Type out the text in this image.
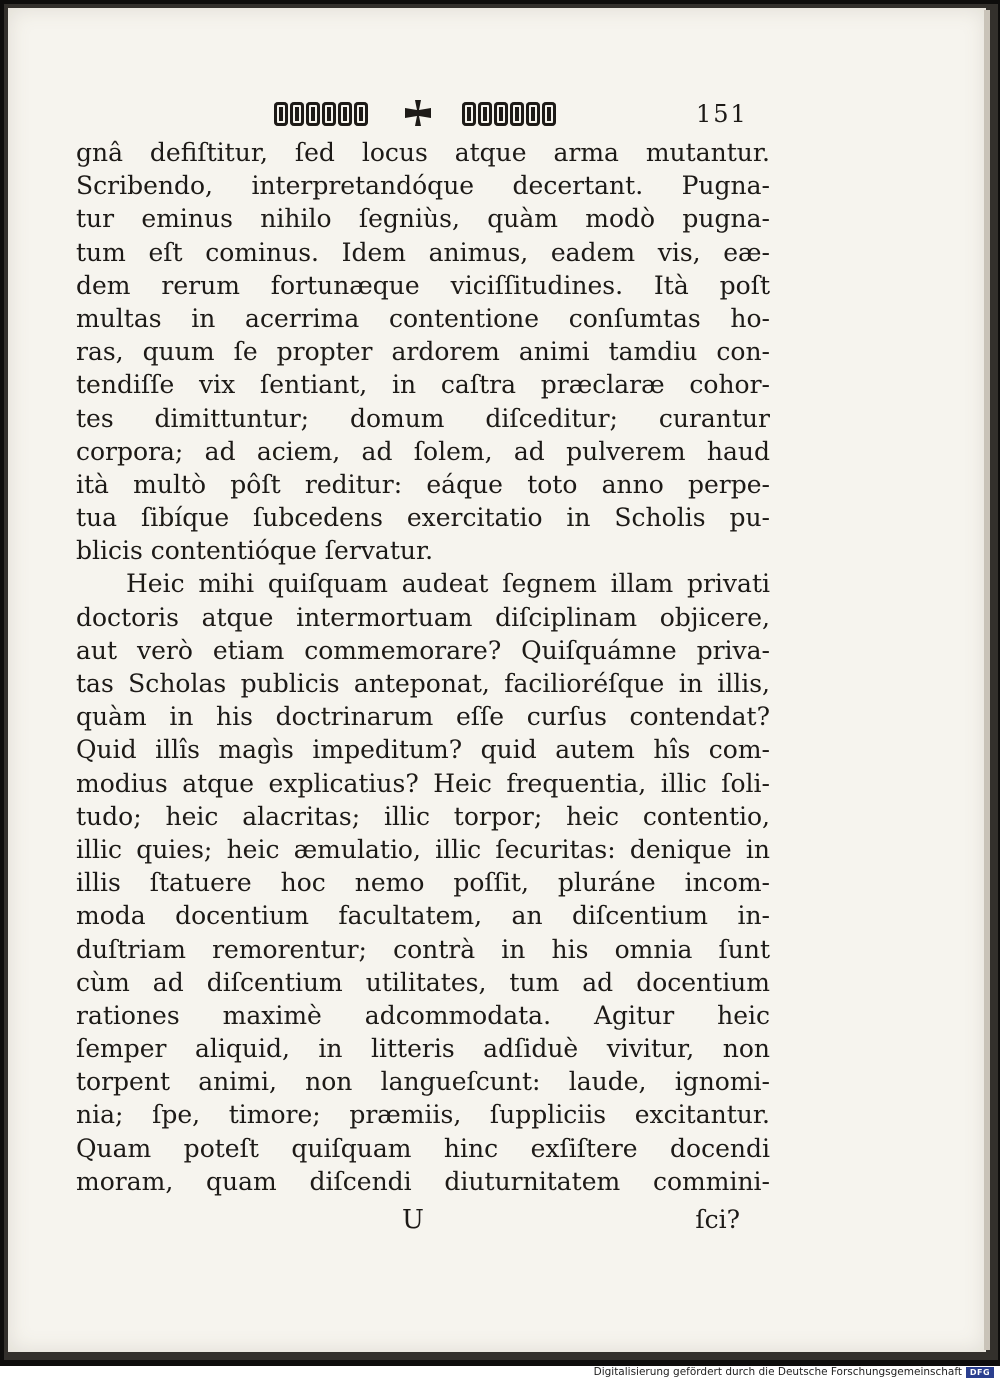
151
gnâ defiſtitur, ſed locus atque arma mutantur.
Scribendo, interpretandóque decertant. Pugna-
tur eminus nihilo ſegniùs, quàm modò pugna-
tum eſt cominus. Idem animus, eadem vis, eæ-
dem rerum fortunæque viciſſitudines. Ità poſt
multas in acerrima contentione conſumtas ho-
ras, quum ſe propter ardorem animi tamdiu con-
tendiſſe vix ſentiant, in caſtra præclaræ cohor-
tes dimittuntur; domum diſceditur; curantur
corpora; ad aciem, ad ſolem, ad pulverem haud
ità multò pôſt reditur: eáque toto anno perpe-
tua ſibíque ſubcedens exercitatio in Scholis pu-
blicis contentióque ſervatur.
Heic mihi quiſquam audeat ſegnem illam privati
doctoris atque intermortuam diſciplinam objicere,
aut verò etiam commemorare? Quiſquámne priva-
tas Scholas publicis anteponat, facilioréſque in illis,
quàm in his doctrinarum eſſe curſus contendat?
Quid illîs magìs impeditum? quid autem hîs com-
modius atque explicatius? Heic frequentia, illic ſoli-
tudo; heic alacritas; illic torpor; heic contentio,
illic quies; heic æmulatio, illic ſecuritas: denique in
illis ſtatuere hoc nemo poſſit, pluráne incom-
moda docentium facultatem, an diſcentium in-
duſtriam remorentur; contrà in his omnia ſunt
cùm ad diſcentium utilitates, tum ad docentium
rationes maximè adcommodata. Agitur heic
ſemper aliquid, in litteris adſiduè vivitur, non
torpent animi, non langueſcunt: laude, ignomi-
nia; ſpe, timore; præmiis, ſuppliciis excitantur.
Quam poteſt quiſquam hinc exſiſtere docendi
moram, quam diſcendi diuturnitatem commini-
U	ſci?
Digitalisierung gefördert durch die Deutsche Forschungsgemeinschaft DFG
